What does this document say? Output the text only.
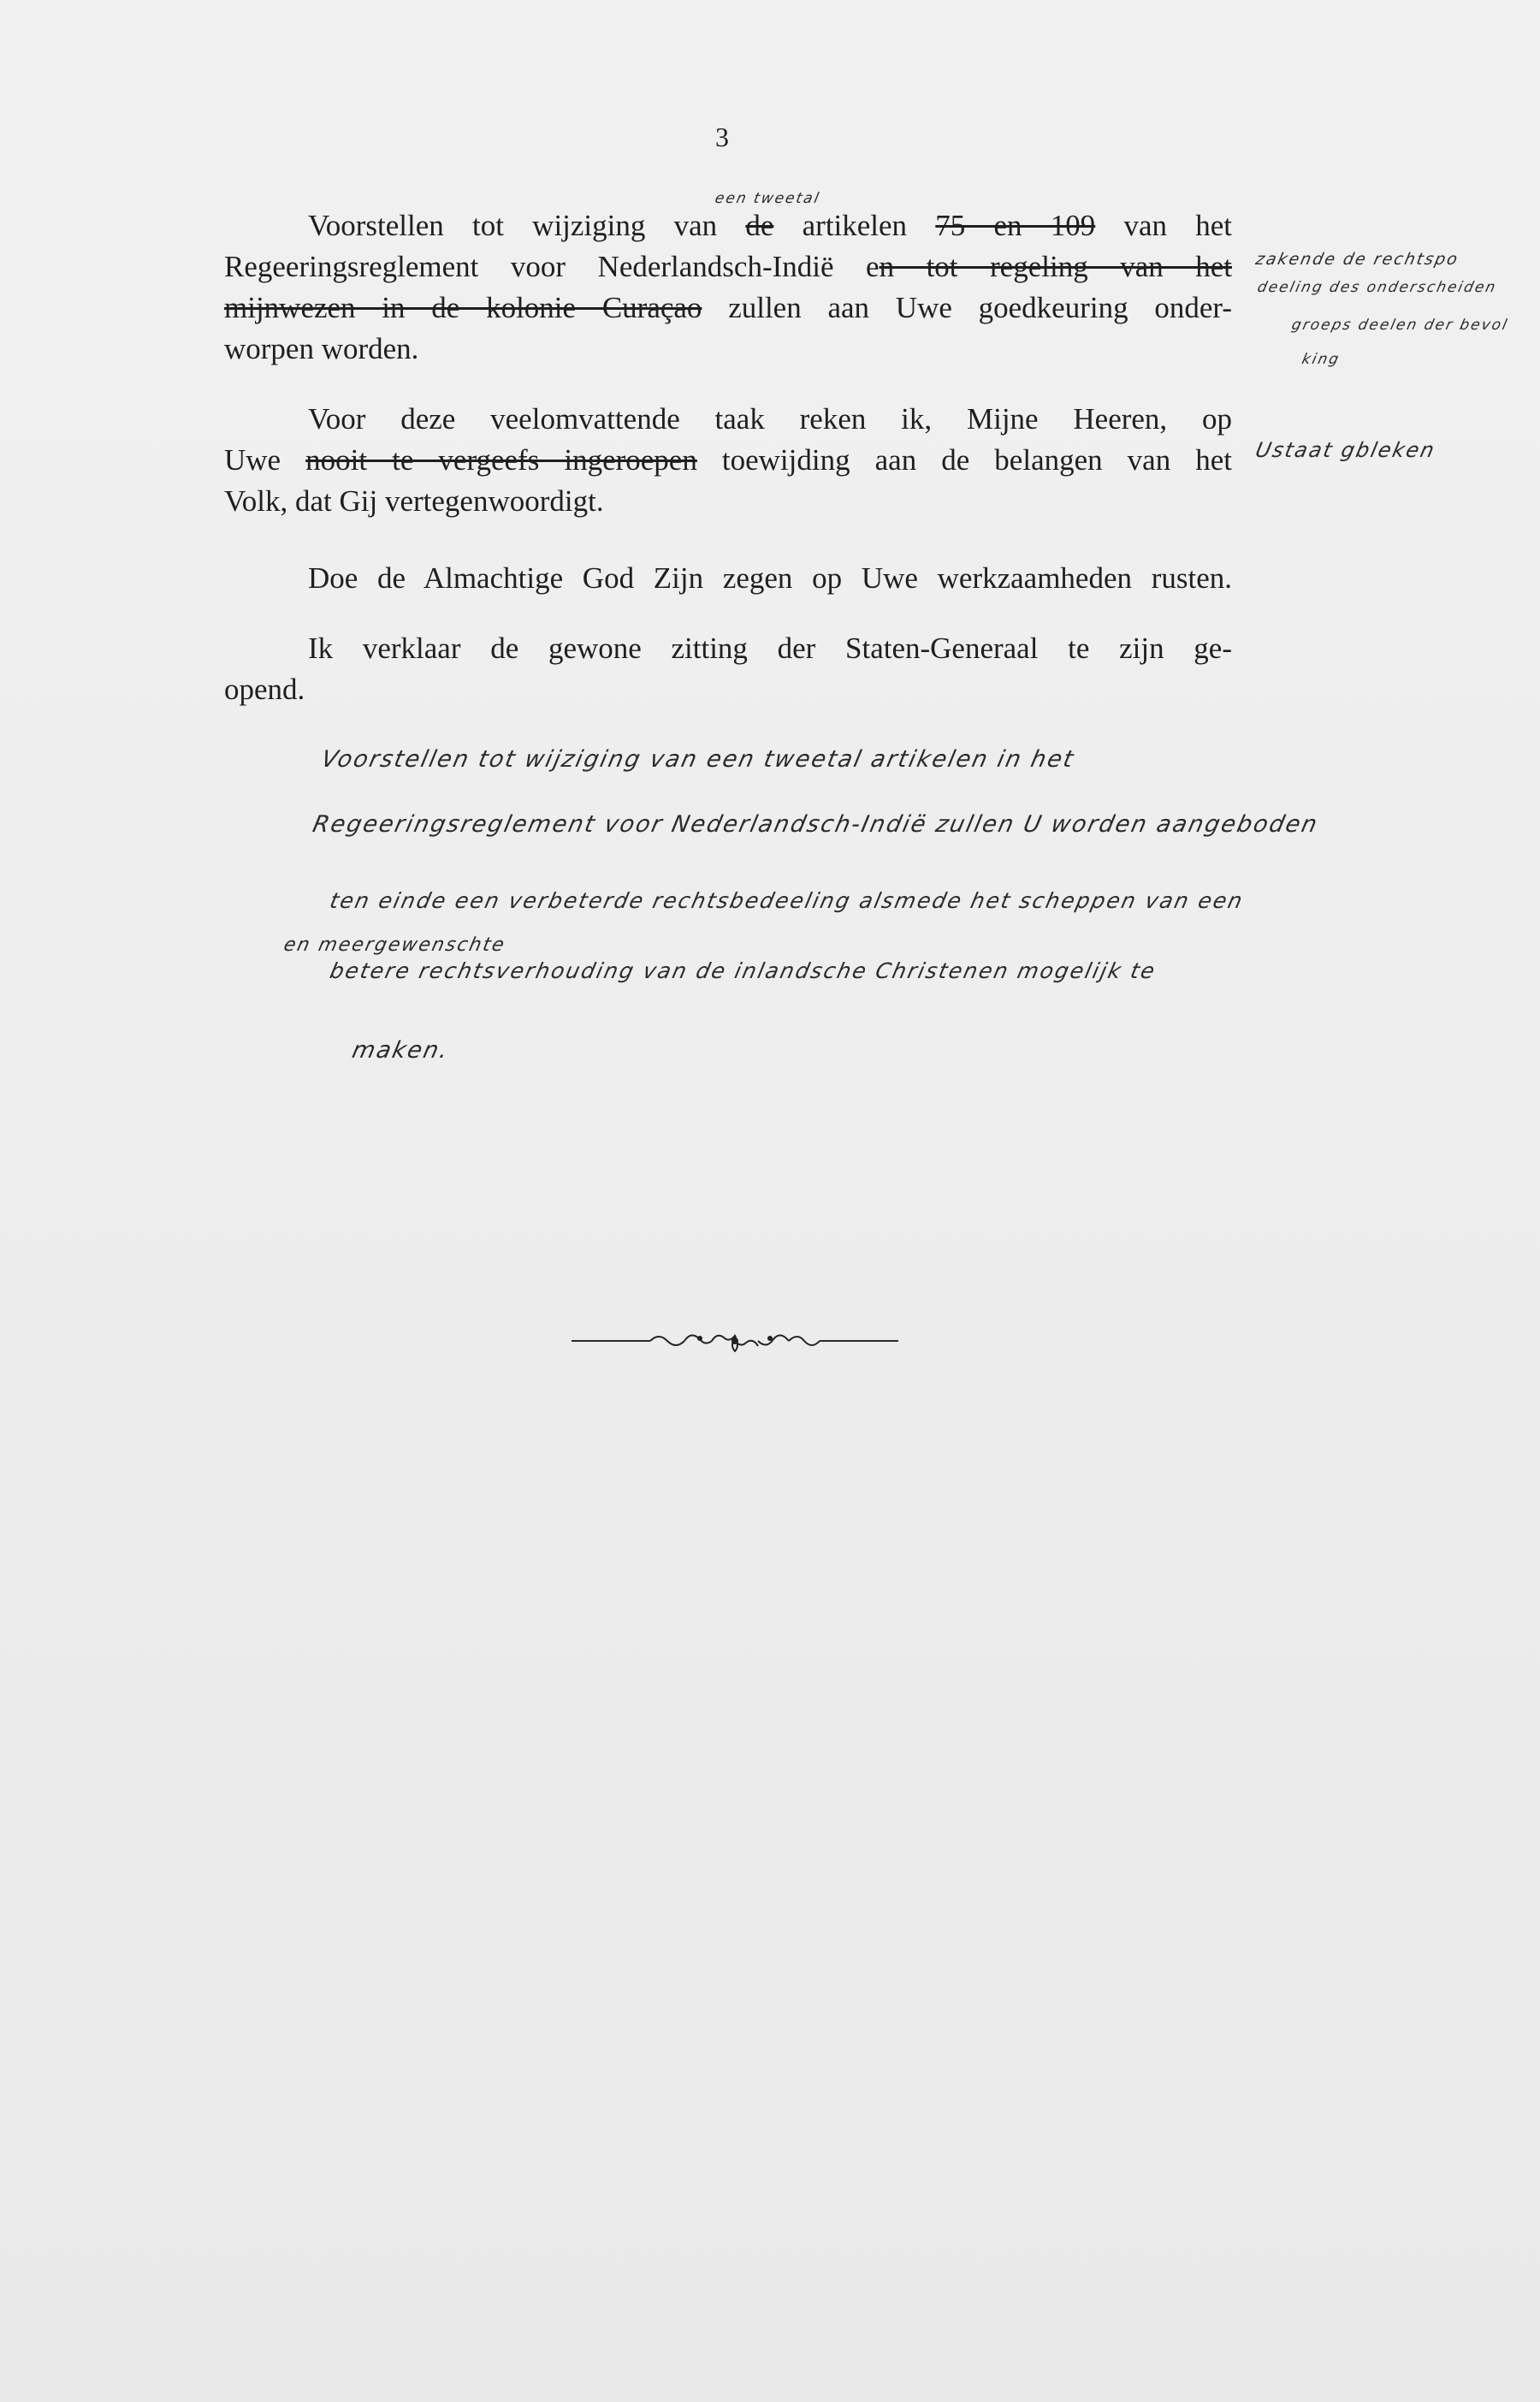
3
een tweetal
Voorstellen tot wijziging van de artikelen 75 en 109 van het
Regeeringsreglement voor Nederlandsch-Indië en tot regeling van het
mijnwezen in de kolonie Curaçao zullen aan Uwe goedkeuring onder-
worpen worden.
Voor deze veelomvattende taak reken ik, Mijne Heeren, op
Uwe nooit te vergeefs ingeroepen toewijding aan de belangen van het
Volk, dat Gij vertegenwoordigt.
Doe de Almachtige God Zijn zegen op Uwe werkzaamheden rusten.
Ik verklaar de gewone zitting der Staten-Generaal te zijn ge-
opend.
zakende de rechtspo
deeling des onderscheiden
groeps deelen der bevol
king
Ustaat gbleken
Voorstellen tot wijziging van een tweetal artikelen in het
Regeeringsreglement voor Nederlandsch-Indië zullen U worden aangeboden
ten einde een verbeterde rechtsbedeeling alsmede het scheppen van een
en meergewenschte
betere rechtsverhouding van de inlandsche Christenen mogelijk te
maken.
